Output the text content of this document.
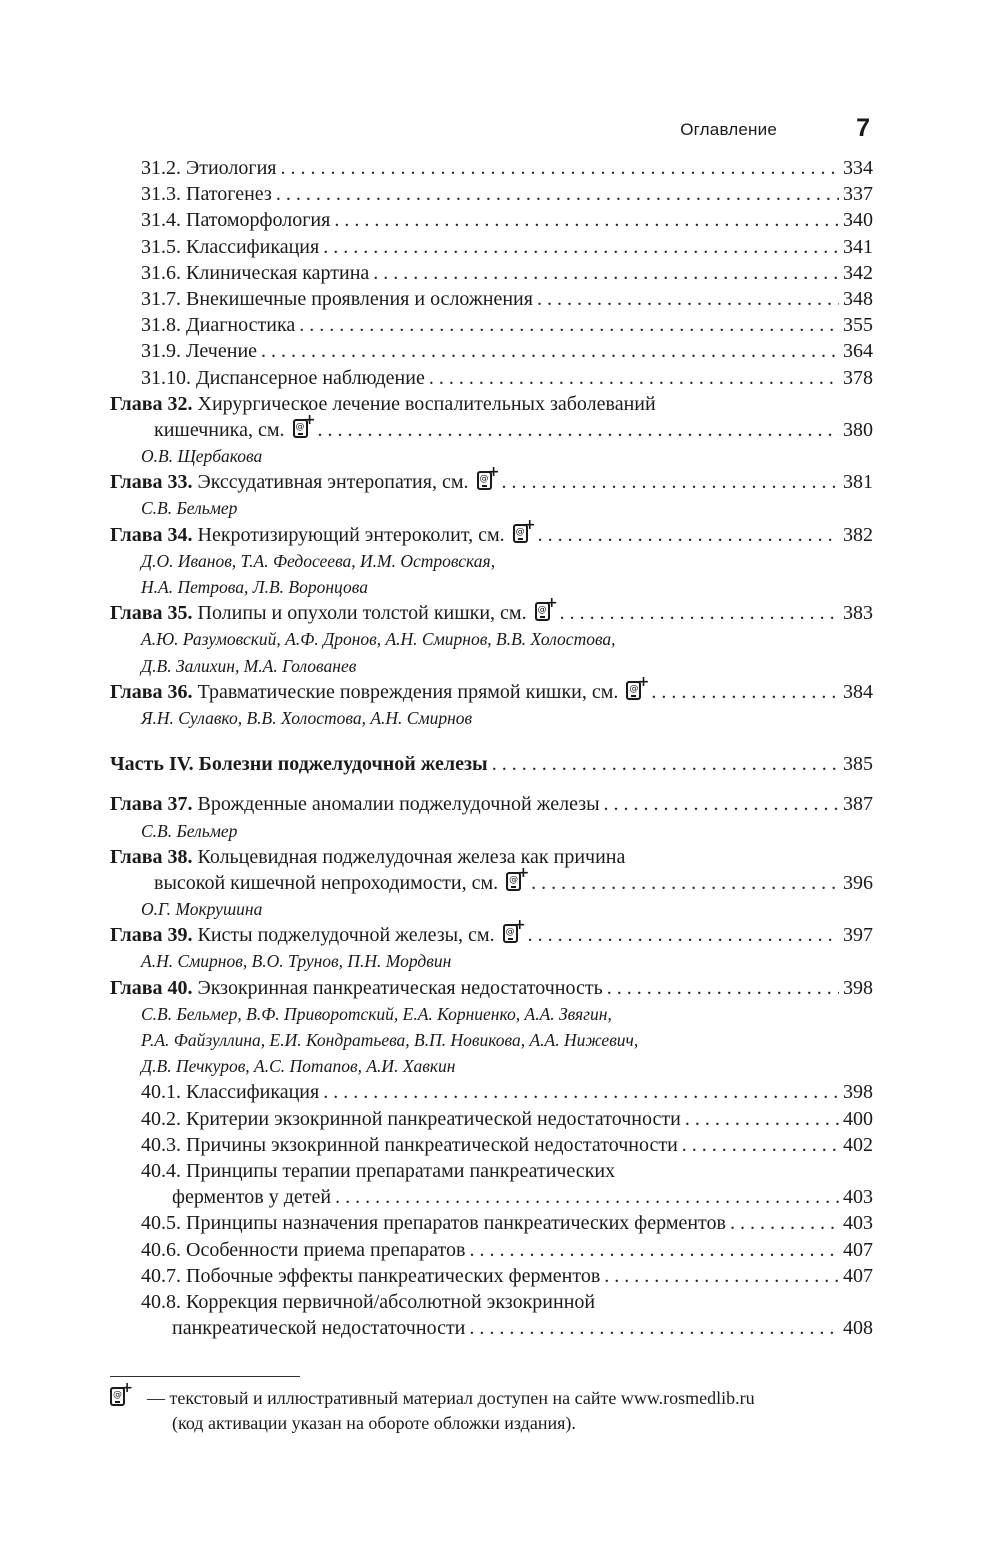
Оглавление	7
31.2. Этиология . . .	334
31.3. Патогенез . . .	337
31.4. Патоморфология . . .	340
31.5. Классификация . . .	341
31.6. Клиническая картина . . .	342
31.7. Внекишечные проявления и осложнения . . .	348
31.8. Диагностика . . .	355
31.9. Лечение . . .	364
31.10. Диспансерное наблюдение . . .	378
Глава 32. Хирургическое лечение воспалительных заболеваний
кишечника, см. @ + . . .	380
О.В. Щербакова
Глава 33. Экссудативная энтеропатия, см. @ + . . .	381
С.В. Бельмер
Глава 34. Некротизирующий энтероколит, см. @ + . . .	382
Д.О. Иванов, Т.А. Федосеева, И.М. Островская,
Н.А. Петрова, Л.В. Воронцова
Глава 35. Полипы и опухоли толстой кишки, см. @ + . . .	383
А.Ю. Разумовский, А.Ф. Дронов, А.Н. Смирнов, В.В. Холостова,
Д.В. Залихин, М.А. Голованев
Глава 36. Травматические повреждения прямой кишки, см. @ + . . .	384
Я.Н. Сулавко, В.В. Холостова, А.Н. Смирнов
Часть IV. Болезни поджелудочной железы . . .	385
Глава 37. Врожденные аномалии поджелудочной железы . . .	387
С.В. Бельмер
Глава 38. Кольцевидная поджелудочная железа как причина
высокой кишечной непроходимости, см. @ + . . .	396
О.Г. Мокрушина
Глава 39. Кисты поджелудочной железы, см. @ + . . .	397
А.Н. Смирнов, В.О. Трунов, П.Н. Мордвин
Глава 40. Экзокринная панкреатическая недостаточность . . .	398
С.В. Бельмер, В.Ф. Приворотский, Е.А. Корниенко, А.А. Звягин,
Р.А. Файзуллина, Е.И. Кондратьева, В.П. Новикова, А.А. Нижевич,
Д.В. Печкуров, А.С. Потапов, А.И. Хавкин
40.1. Классификация . . .	398
40.2. Критерии экзокринной панкреатической недостаточности . . .	400
40.3. Причины экзокринной панкреатической недостаточности . . .	402
40.4. Принципы терапии препаратами панкреатических
ферментов у детей . . .	403
40.5. Принципы назначения препаратов панкреатических ферментов . . .	403
40.6. Особенности приема препаратов . . .	407
40.7. Побочные эффекты панкреатических ферментов . . .	407
40.8. Коррекция первичной/абсолютной экзокринной
панкреатической недостаточности . . .	408
@ + — текстовый и иллюстративный материал доступен на сайте www.rosmedlib.ru
(код активации указан на обороте обложки издания).
